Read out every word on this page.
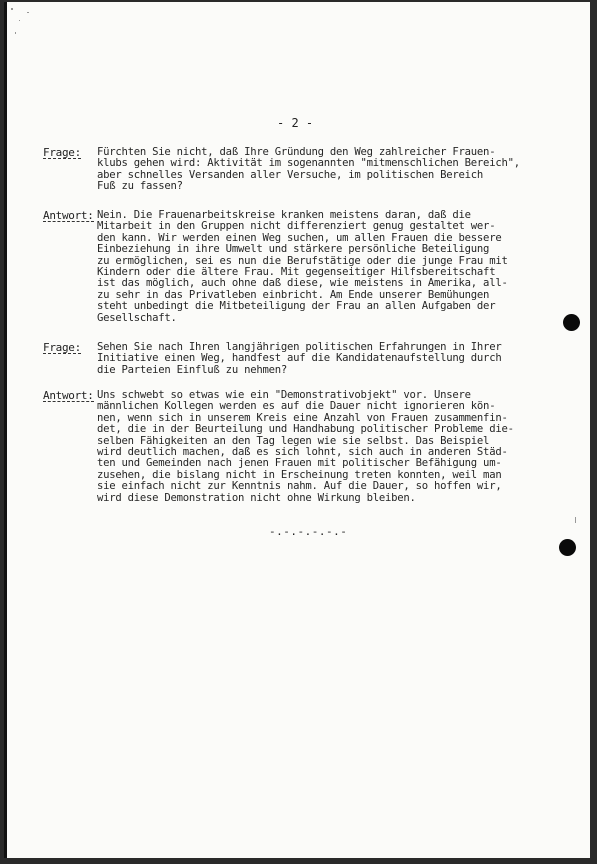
- 2 -
Frage: Fürchten Sie nicht, daß Ihre Gründung den Weg zahlreicher Frauen-
klubs gehen wird: Aktivität im sogenannten "mitmenschlichen Bereich",
aber schnelles Versanden aller Versuche, im politischen Bereich
Fuß zu fassen?
Antwort: Nein. Die Frauenarbeitskreise kranken meistens daran, daß die
Mitarbeit in den Gruppen nicht differenziert genug gestaltet wer-
den kann. Wir werden einen Weg suchen, um allen Frauen die bessere
Einbeziehung in ihre Umwelt und stärkere persönliche Beteiligung
zu ermöglichen, sei es nun die Berufstätige oder die junge Frau mit
Kindern oder die ältere Frau. Mit gegenseitiger Hilfsbereitschaft
ist das möglich, auch ohne daß diese, wie meistens in Amerika, all-
zu sehr in das Privatleben einbricht. Am Ende unserer Bemühungen
steht unbedingt die Mitbeteiligung der Frau an allen Aufgaben der
Gesellschaft.
Frage: Sehen Sie nach Ihren langjährigen politischen Erfahrungen in Ihrer
Initiative einen Weg, handfest auf die Kandidatenaufstellung durch
die Parteien Einfluß zu nehmen?
Antwort: Uns schwebt so etwas wie ein "Demonstrativobjekt" vor. Unsere
männlichen Kollegen werden es auf die Dauer nicht ignorieren kön-
nen, wenn sich in unserem Kreis eine Anzahl von Frauen zusammenfin-
det, die in der Beurteilung und Handhabung politischer Probleme die-
selben Fähigkeiten an den Tag legen wie sie selbst. Das Beispiel
wird deutlich machen, daß es sich lohnt, sich auch in anderen Städ-
ten und Gemeinden nach jenen Frauen mit politischer Befähigung um-
zusehen, die bislang nicht in Erscheinung treten konnten, weil man
sie einfach nicht zur Kenntnis nahm. Auf die Dauer, so hoffen wir,
wird diese Demonstration nicht ohne Wirkung bleiben.
-.-.-.-.-.-
